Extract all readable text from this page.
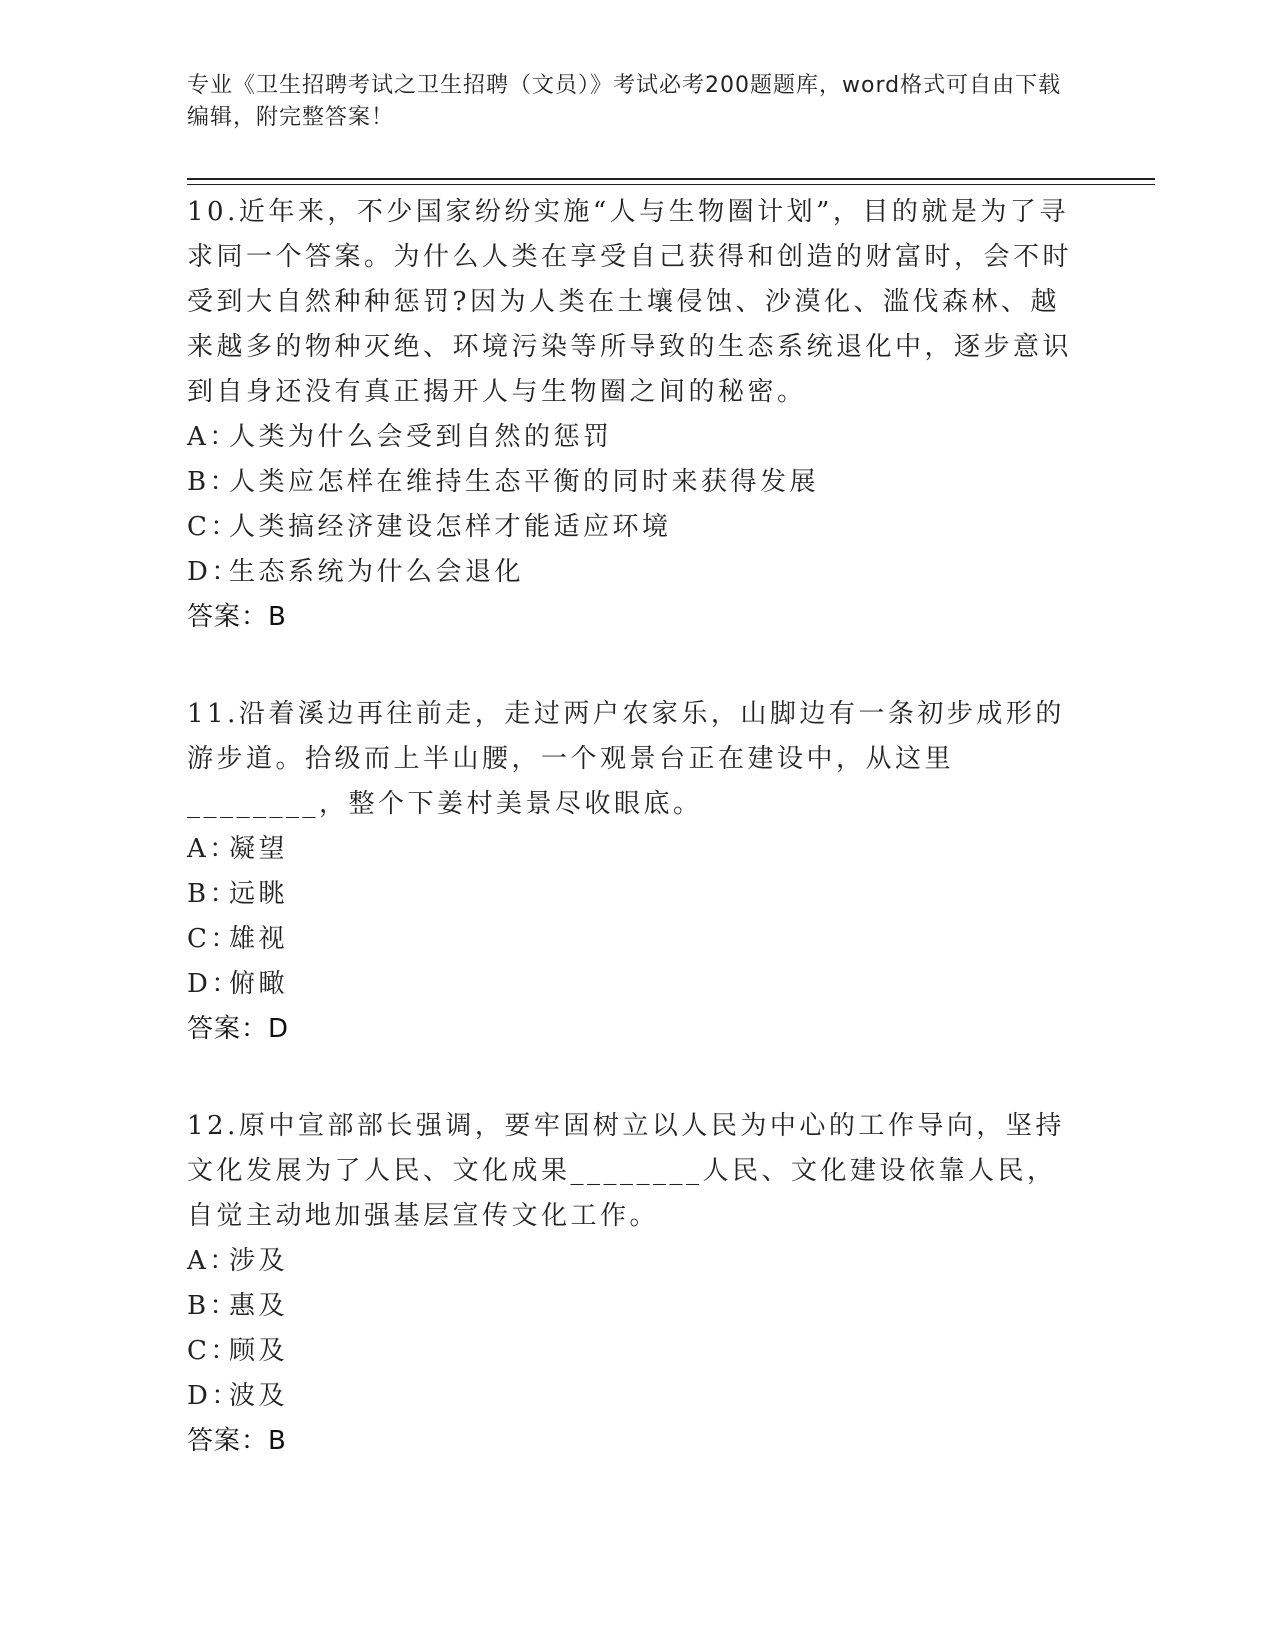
专业《卫生招聘考试之卫生招聘（文员）》考试必考200题题库，word格式可自由下载编辑，附完整答案！

10.近年来，不少国家纷纷实施“人与生物圈计划”，目的就是为了寻求同一个答案。为什么人类在享受自己获得和创造的财富时，会不时受到大自然种种惩罚?因为人类在土壤侵蚀、沙漠化、滥伐森林、越来越多的物种灭绝、环境污染等所导致的生态系统退化中，逐步意识到自身还没有真正揭开人与生物圈之间的秘密。

A：人类为什么会受到自然的惩罚

B：人类应怎样在维持生态平衡的同时来获得发展

C：人类搞经济建设怎样才能适应环境

D：生态系统为什么会退化

答案：B

11.沿着溪边再往前走，走过两户农家乐，山脚边有一条初步成形的游步道。拾级而上半山腰，一个观景台正在建设中，从这里________，整个下姜村美景尽收眼底。

A：凝望

B：远眺

C：雄视

D：俯瞰

答案：D

12.原中宣部部长强调，要牢固树立以人民为中心的工作导向，坚持文化发展为了人民、文化成果________人民、文化建设依靠人民，自觉主动地加强基层宣传文化工作。

A：涉及

B：惠及

C：顾及

D：波及

答案：B
